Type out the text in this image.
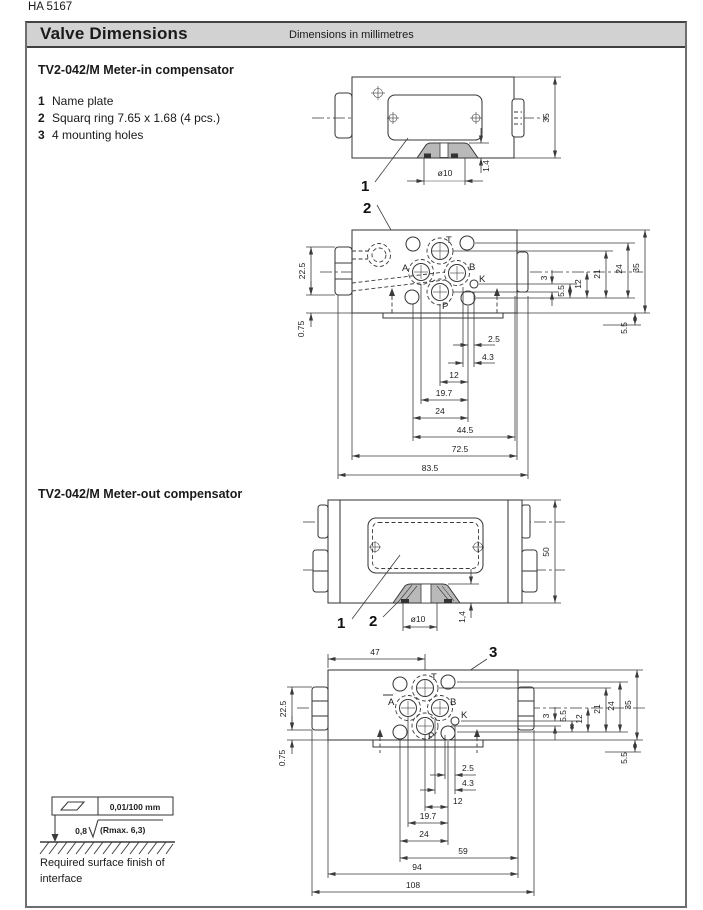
HA 5167
Valve Dimensions	Dimensions in millimetres
TV2-042/M Meter-in compensator
1 Name plate
2 Squarq ring 7.65 x 1.68 (4 pcs.)
3 4 mounting holes
TV2-042/M Meter-out compensator
Required surface finish of
interface
35
ø10
1.4
1
2
T
A	B
K
P
22.5
0.75
3
5.5
12
21
24 35
5.5
2.5
4.3
12
19.7
24
44.5
72.5
83.5
50
ø10	1,4
1 2
47	3
T
A	B
K
P
22.5
0.75
3 5.5 12
21 24 35
5.5
2.5
4.3
12
19.7
24
59
94
108
0,01/100 mm
0,8 (Rmax. 6,3)
